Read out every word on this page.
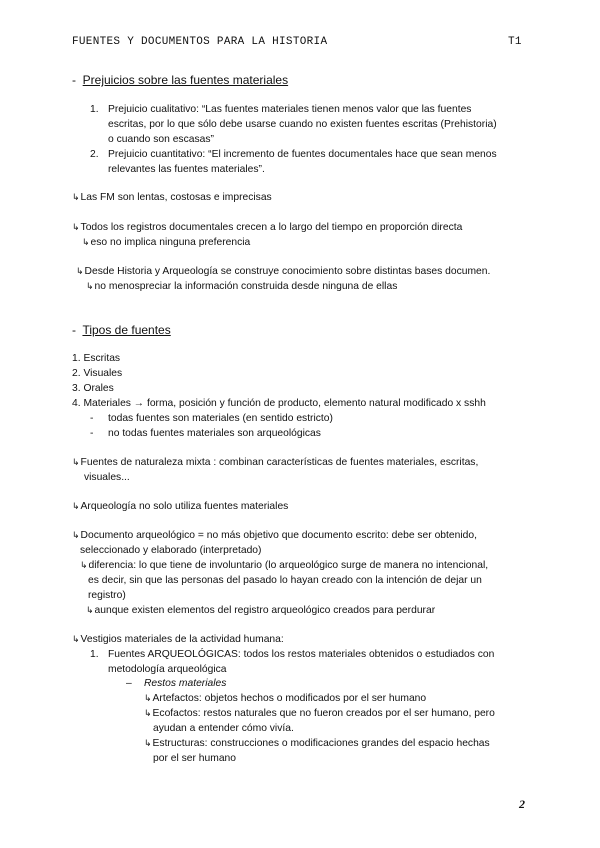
FUENTES Y DOCUMENTOS PARA LA HISTORIA	T1
- Prejuicios sobre las fuentes materiales
1. Prejuicio cualitativo: “Las fuentes materiales tienen menos valor que las fuentes
escritas, por lo que sólo debe usarse cuando no existen fuentes escritas (Prehistoria)
o cuando son escasas”
2. Prejuicio cuantitativo: “El incremento de fuentes documentales hace que sean menos
relevantes las fuentes materiales”.
↳Las FM son lentas, costosas e imprecisas
↳Todos los registros documentales crecen a lo largo del tiempo en proporción directa
↳eso no implica ninguna preferencia
↳Desde Historia y Arqueología se construye conocimiento sobre distintas bases documen.
↳no menospreciar la información construida desde ninguna de ellas
- Tipos de fuentes
1. Escritas
2. Visuales
3. Orales
4. Materiales → forma, posición y función de producto, elemento natural modificado x sshh
- todas fuentes son materiales (en sentido estricto)
- no todas fuentes materiales son arqueológicas
↳Fuentes de naturaleza mixta : combinan características de fuentes materiales, escritas,
visuales...
↳Arqueología no solo utiliza fuentes materiales
↳Documento arqueológico = no más objetivo que documento escrito: debe ser obtenido,
seleccionado y elaborado (interpretado)
↳diferencia: lo que tiene de involuntario (lo arqueológico surge de manera no intencional,
es decir, sin que las personas del pasado lo hayan creado con la intención de dejar un
registro)
↳aunque existen elementos del registro arqueológico creados para perdurar
↳Vestigios materiales de la actividad humana:
1. Fuentes ARQUEOLÓGICAS: todos los restos materiales obtenidos o estudiados con
metodología arqueológica
– Restos materiales
↳Artefactos: objetos hechos o modificados por el ser humano
↳Ecofactos: restos naturales que no fueron creados por el ser humano, pero
ayudan a entender cómo vivía.
↳Estructuras: construcciones o modificaciones grandes del espacio hechas
por el ser humano
2
